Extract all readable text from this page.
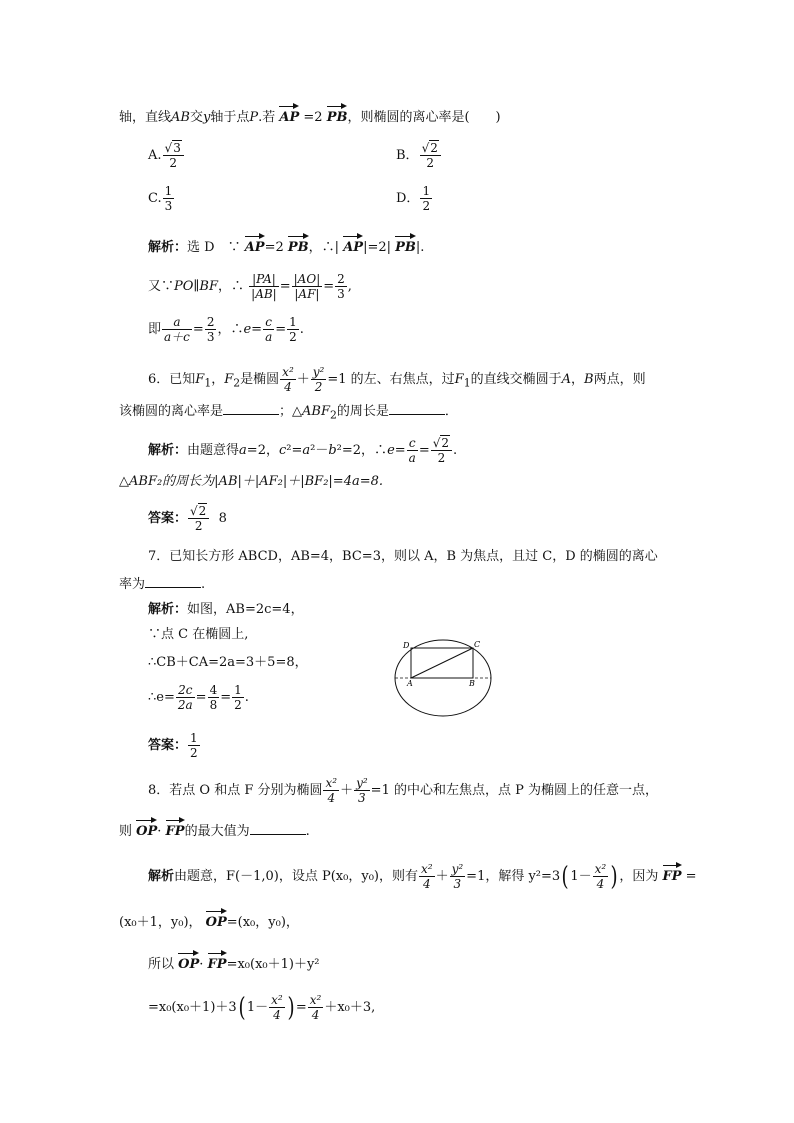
轴，直线AB交y轴于点P.若 AP =2 PB，则椭圆的离心率是(　　)
A. $\frac{√3}{2}$	B． $\frac{√2}{2}$
C. $\frac{1}{3}$	D． $\frac{1}{2}$
解析：选 D　∵ AP=2 PB，∴| AP|=2| PB|.
又∵PO∥BF，∴ $\frac{|PA|}{|AB|} = \frac{|AO|}{|AF|} = \frac{2}{3}$ ,
即 $\frac{a}{a+c} = \frac{2}{3}$ ，∴e= $\frac{c}{a} = \frac{1}{2}$ .
6．已知$F_1$，$F_2$是椭圆 $\frac{\text{x²}}{4} + \frac{\text{y²}}{2} =1$ 的左、右焦点，过$F_1$的直线交椭圆于A，B两点，则
该椭圆的离心率是	；$\triangle ABF_2$的周长是	．
解析：由题意得a=2，c²=a²－b²=2，∴e= $\frac{c}{a} = \frac{√2}{2}$ .
△ABF₂的周长为|AB|＋|AF₂|＋|BF₂|=4a=8.
答案： $\frac{√2}{2} 8$
7．已知长方形 ABCD，AB=4，BC=3，则以 A，B 为焦点，且过 C，D 的椭圆的离心
率为	.
解析：如图，AB=2c=4，
∵点 C 在椭圆上,
∴CB＋CA=2a=3＋5=8，
∴e= $\frac{2c}{2a} = \frac{4}{8} = \frac{1}{2}$ .
答案： $\frac{1}{2}$
D	C
A	B
8．若点 O 和点 F 分别为椭圆 $\frac{\text{x²}}{4} + \frac{\text{y²}}{3} =1$ 的中心和左焦点，点 P 为椭圆上的任意一点，
则 OP· FP的最大值为	.
解析由题意，F(－1,0)，设点 P(x₀，y₀)，则有 $\frac{\text{x²}}{4} + \frac{\text{y²}}{3} =1$，解得 y²=3( $1- \frac{\text{x²}}{4}$ ) ，因为 FP =
(x₀＋1，y₀)， OP=(x₀，y₀)，
所以 OP· FP=x₀(x₀＋1)＋y²
=x₀(x₀＋1)＋3( $1- \frac{\text{x²}}{4}$ ) = $\frac{\text{x²}}{4} +x_0+3$,
